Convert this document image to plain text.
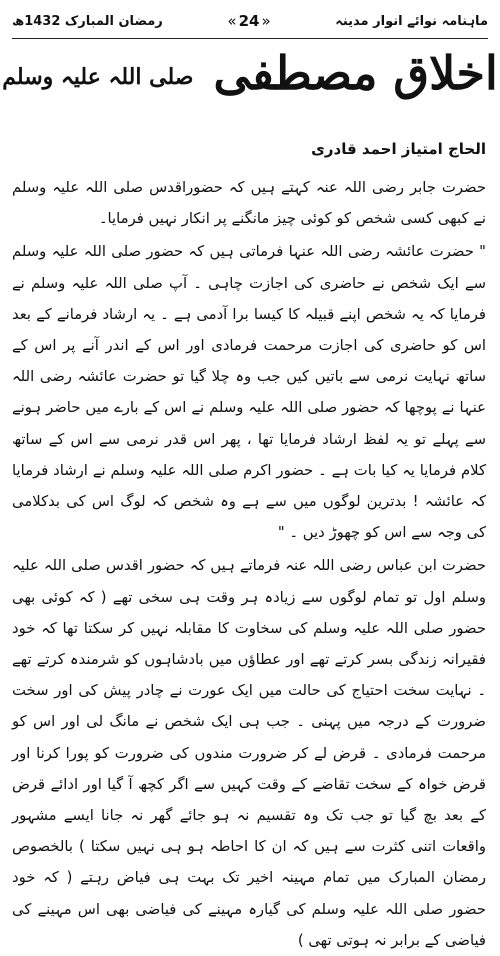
ماہنامہ نوائے انوار مدینہ
« 24 »
رمضان المبارک 1432ھ
اخلاق مصطفی صلی اللہ علیہ وسلم
الحاج امتیاز احمد قادری

حضرت جابر رضی اللہ عنہ کہتے ہیں کہ حضوراقدس صلی اللہ علیہ وسلم نے کبھی کسی شخص کو کوئی چیز مانگنے پر انکار نہیں فرمایا۔

" حضرت عائشہ رضی اللہ عنہا فرماتی ہیں کہ حضور صلی اللہ علیہ وسلم سے ایک شخص نے حاضری کی اجازت چاہی ۔ آپ صلی اللہ علیہ وسلم نے فرمایا کہ یہ شخص اپنے قبیلہ کا کیسا برا آدمی ہے ۔ یہ ارشاد فرمانے کے بعد اس کو حاضری کی اجازت مرحمت فرمادی اور اس کے اندر آنے پر اس کے ساتھ نہایت نرمی سے باتیں کیں جب وہ چلا گیا تو حضرت عائشہ رضی اللہ عنہا نے پوچھا کہ حضور صلی اللہ علیہ وسلم نے اس کے بارے میں حاضر ہونے سے پہلے تو یہ لفظ ارشاد فرمایا تھا ، پھر اس قدر نرمی سے اس کے ساتھ کلام فرمایا یہ کیا بات ہے ۔ حضور اکرم صلی اللہ علیہ وسلم نے ارشاد فرمایا کہ عائشہ ! بدترین لوگوں میں سے ہے وہ شخص کہ لوگ اس کی بدکلامی کی وجہ سے اس کو چھوڑ دیں ۔ "

حضرت ابن عباس رضی اللہ عنہ فرماتے ہیں کہ حضور اقدس صلی اللہ علیہ وسلم اول تو تمام لوگوں سے زیادہ ہر وقت ہی سخی تھے ( کہ کوئی بھی حضور صلی اللہ علیہ وسلم کی سخاوت کا مقابلہ نہیں کر سکتا تھا کہ خود فقیرانہ زندگی بسر کرتے تھے اور عطاؤں میں بادشاہوں کو شرمندہ کرتے تھے ۔ نہایت سخت احتیاج کی حالت میں ایک عورت نے چادر پیش کی اور سخت ضرورت کے درجہ میں پہنی ۔ جب ہی ایک شخص نے مانگ لی اور اس کو مرحمت فرمادی ۔ قرض لے کر ضرورت مندوں کی ضرورت کو پورا کرنا اور قرض خواہ کے سخت تقاضے کے وقت کہیں سے اگر کچھ آ گیا اور ادائے قرض کے بعد بچ گیا تو جب تک وہ تقسیم نہ ہو جائے گھر نہ جانا ایسے مشہور واقعات اتنی کثرت سے ہیں کہ ان کا احاطہ ہو ہی نہیں سکتا ) بالخصوص رمضان المبارک میں تمام مہینہ اخیر تک بہت ہی فیاض رہتے ( کہ خود حضور صلی اللہ علیہ وسلم کی گیارہ مہینے کی فیاضی بھی اس مہینے کی فیاضی کے برابر نہ ہوتی تھی )
